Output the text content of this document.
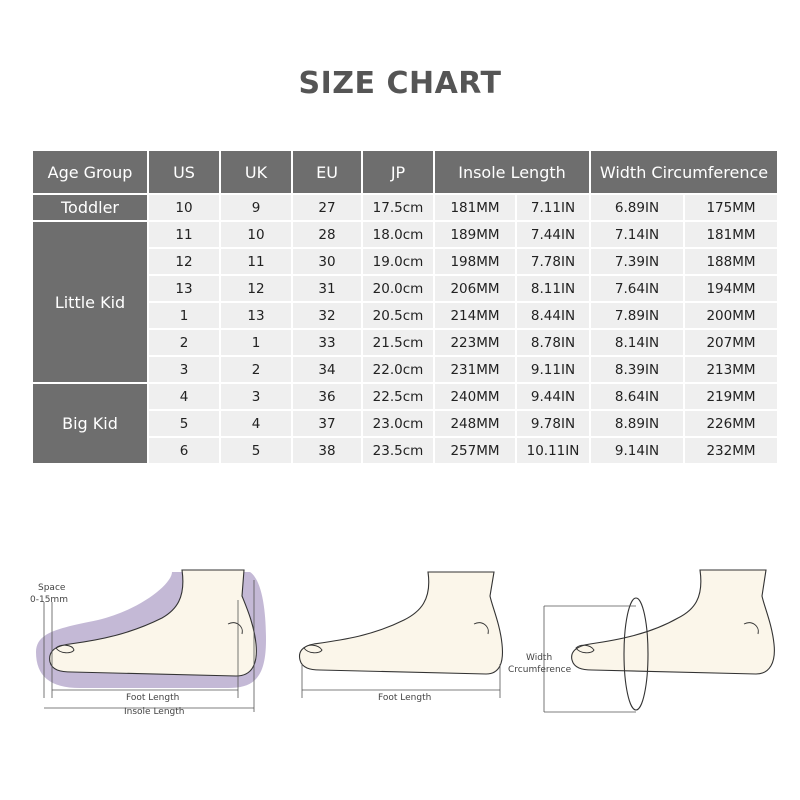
SIZE CHART
Age Group	US	UK	EU	JP	Insole Length		Width Circumference	
Toddler	10	9	27	17.5cm	181MM	7.11IN	6.89IN	175MM
Little Kid	11	10	28	18.0cm	189MM	7.44IN	7.14IN	181MM
	12	11	30	19.0cm	198MM	7.78IN	7.39IN	188MM
	13	12	31	20.0cm	206MM	8.11IN	7.64IN	194MM
	1	13	32	20.5cm	214MM	8.44IN	7.89IN	200MM
	2	1	33	21.5cm	223MM	8.78IN	8.14IN	207MM
	3	2	34	22.0cm	231MM	9.11IN	8.39IN	213MM
Big Kid	4	3	36	22.5cm	240MM	9.44IN	8.64IN	219MM
	5	4	37	23.0cm	248MM	9.78IN	8.89IN	226MM
	6	5	38	23.5cm	257MM	10.11IN	9.14IN	232MM
Space
0-15mm
Foot Length
Insole Length
Foot Length
Width
Crcumference
